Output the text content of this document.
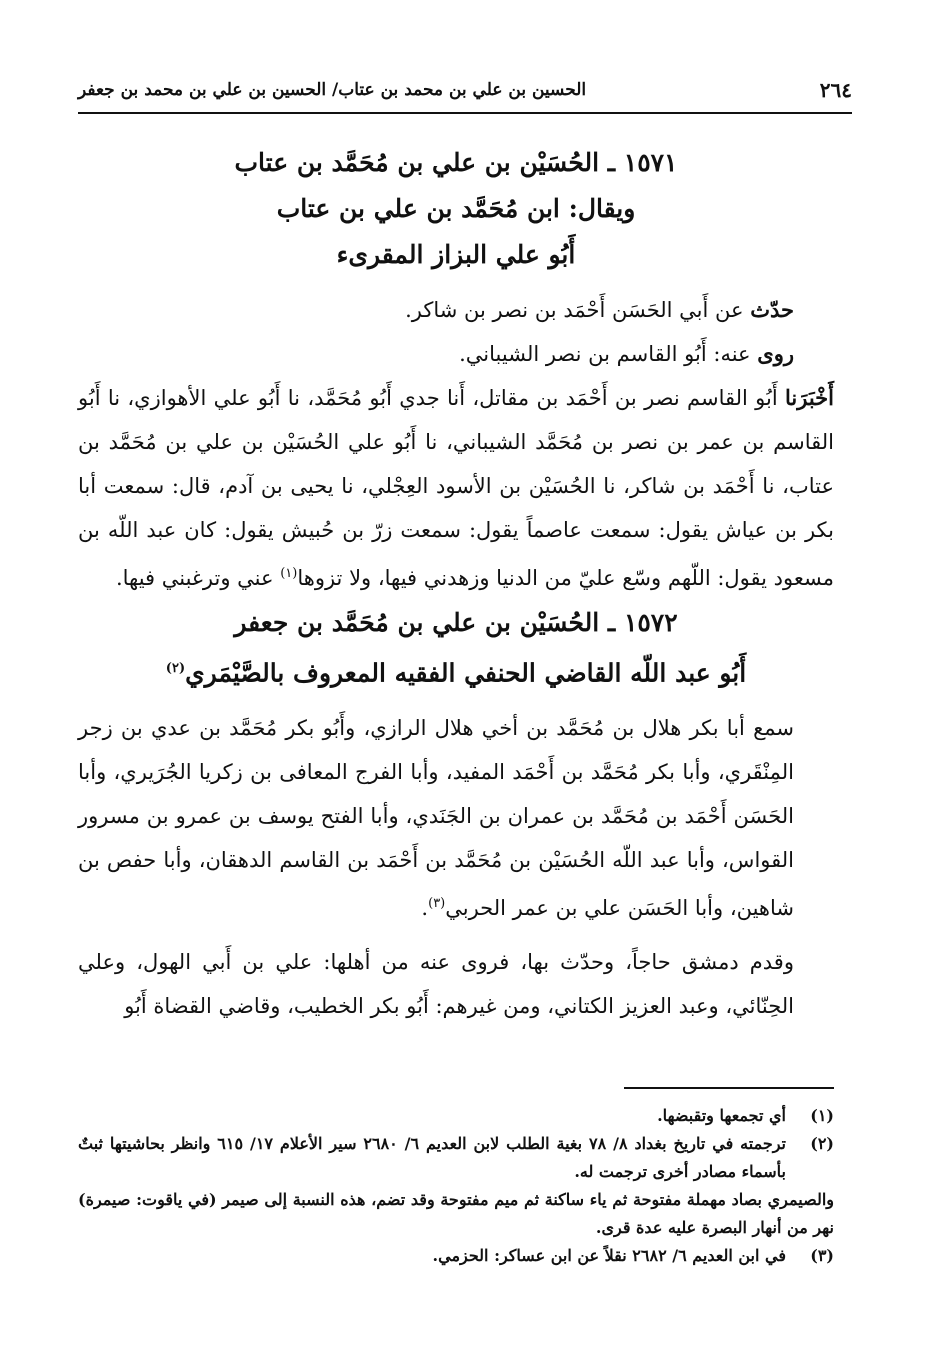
٢٦٤
الحسين بن علي بن محمد بن عتاب/ الحسين بن علي بن محمد بن جعفر

١٥٧١ ـ الحُسَيْن بن علي بن مُحَمَّد بن عتاب

ويقال: ابن مُحَمَّد بن علي بن عتاب

أَبُو علي البزاز المقرىء

حدّث عن أَبي الحَسَن أَحْمَد بن نصر بن شاكر.

روى عنه: أَبُو القاسم بن نصر الشيباني.

أَخْبَرَنا أَبُو القاسم نصر بن أَحْمَد بن مقاتل، أَنا جدي أَبُو مُحَمَّد، نا أَبُو علي الأهوازي، نا أَبُو القاسم بن عمر بن نصر بن مُحَمَّد الشيباني، نا أَبُو علي الحُسَيْن بن علي بن مُحَمَّد بن عتاب، نا أَحْمَد بن شاكر، نا الحُسَيْن بن الأسود العِجْلي، نا يحيى بن آدم، قال: سمعت أبا بكر بن عياش يقول: سمعت عاصماً يقول: سمعت زرّ بن حُبيش يقول: كان عبد اللّه بن مسعود يقول: اللّهم وسّع عليّ من الدنيا وزهدني فيها، ولا تزوها$^{(١)}$ عني وترغبني فيها.

١٥٧٢ ـ الحُسَيْن بن علي بن مُحَمَّد بن جعفر

أَبُو عبد اللّه القاضي الحنفي الفقيه المعروف بالصَّيْمَري$^{(٢)}$

سمع أبا بكر هلال بن مُحَمَّد بن أخي هلال الرازي، وأَبُو بكر مُحَمَّد بن عدي بن زجر المِنْقَري، وأبا بكر مُحَمَّد بن أَحْمَد المفيد، وأبا الفرج المعافى بن زكريا الجُرَيري، وأبا الحَسَن أَحْمَد بن مُحَمَّد بن عمران بن الجَنَدي، وأبا الفتح يوسف بن عمرو بن مسرور القواس، وأبا عبد اللّه الحُسَيْن بن مُحَمَّد بن أَحْمَد بن القاسم الدهقان، وأبا حفص بن شاهين، وأبا الحَسَن علي بن عمر الحربي$^{(٣)}$.

وقدم دمشق حاجاً، وحدّث بها، فروى عنه من أهلها: علي بن أَبي الهول، وعلي الحِنّائي، وعبد العزيز الكتاني، ومن غيرهم: أَبُو بكر الخطيب، وقاضي القضاة أَبُو

(١)
أي تجمعها وتقبضها.
(٢)
ترجمته في تاريخ بغداد ٨/ ٧٨ بغية الطلب لابن العديم ٦/ ٢٦٨٠ سير الأعلام ١٧/ ٦١٥ وانظر بحاشيتها ثبتٌ بأسماء مصادر أخرى ترجمت له.
والصيمري بصاد مهملة مفتوحة ثم ياء ساكنة ثم ميم مفتوحة وقد تضم، هذه النسبة إلى صيمر (في ياقوت: صيمرة) نهر من أنهار البصرة عليه عدة قرى.
(٣)
في ابن العديم ٦/ ٢٦٨٢ نقلاً عن ابن عساكر: الحزمي.
